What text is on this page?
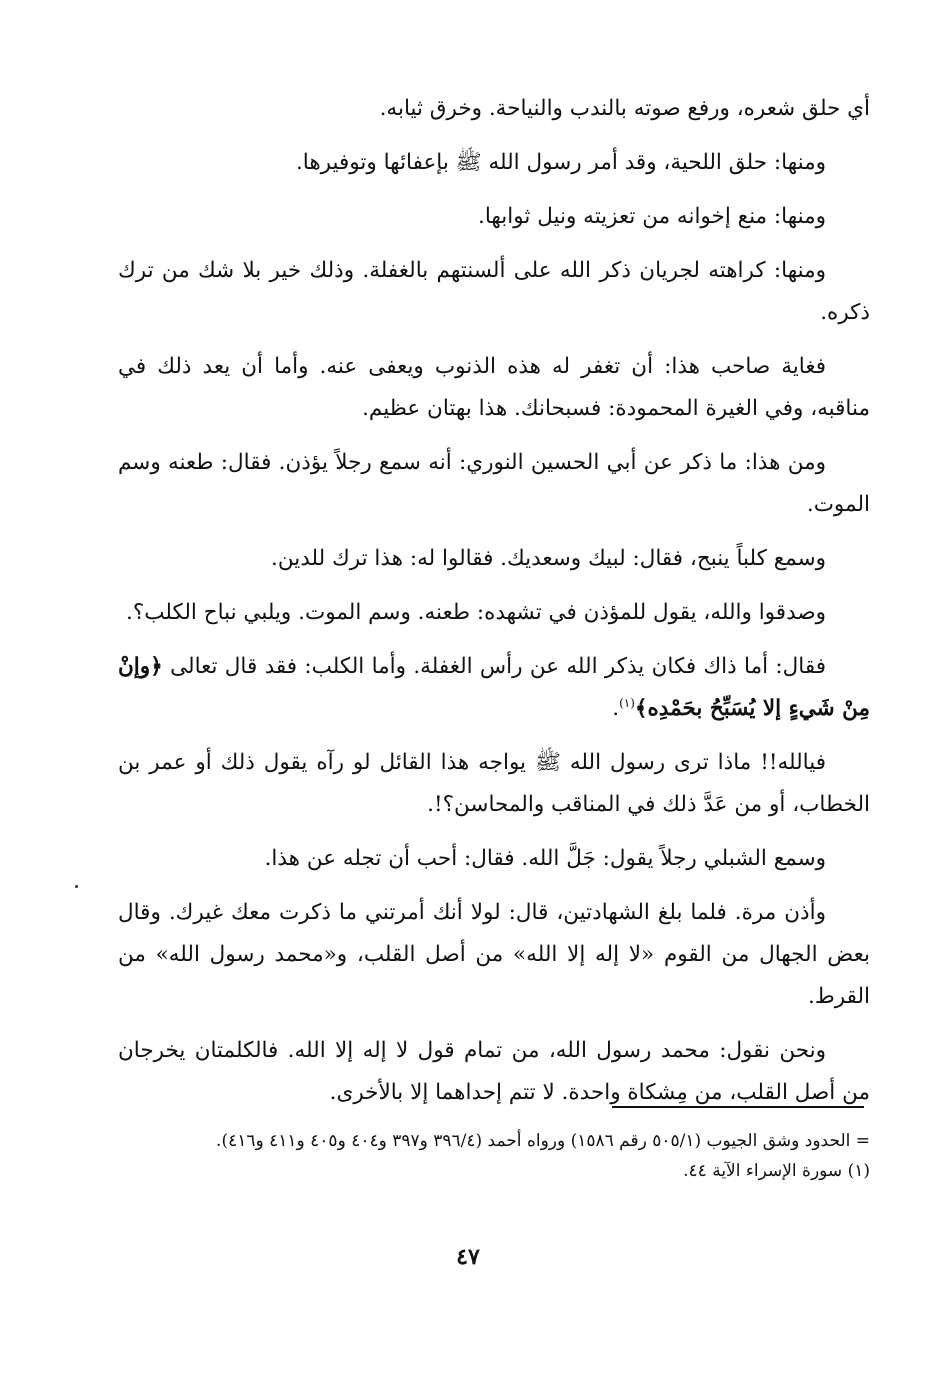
أي حلق شعره، ورفع صوته بالندب والنياحة. وخرق ثيابه.

ومنها: حلق اللحية، وقد أمر رسول الله ﷺ بإعفائها وتوفيرها.

ومنها: منع إخوانه من تعزيته ونيل ثوابها.

ومنها: كراهته لجريان ذكر الله على ألسنتهم بالغفلة. وذلك خير بلا شك من ترك ذكره.

فغاية صاحب هذا: أن تغفر له هذه الذنوب ويعفى عنه. وأما أن يعد ذلك في مناقبه، وفي الغيرة المحمودة: فسبحانك. هذا بهتان عظيم.

ومن هذا: ما ذكر عن أبي الحسين النوري: أنه سمع رجلاً يؤذن. فقال: طعنه وسم الموت.

وسمع كلباً ينبح، فقال: لبيك وسعديك. فقالوا له: هذا ترك للدين.

وصدقوا والله، يقول للمؤذن في تشهده: طعنه. وسم الموت. ويلبي نباح الكلب؟.

فقال: أما ذاك فكان يذكر الله عن رأس الغفلة. وأما الكلب: فقد قال تعالى ﴿وإنْ مِنْ شَيءٍ إلا يُسَبِّحُ بحَمْدِه﴾$^{(١)}$.

فيالله!! ماذا ترى رسول الله ﷺ يواجه هذا القائل لو رآه يقول ذلك أو عمر بن الخطاب، أو من عَدَّ ذلك في المناقب والمحاسن؟!.

وسمع الشبلي رجلاً يقول: جَلَّ الله. فقال: أحب أن تجله عن هذا.

وأذن مرة. فلما بلغ الشهادتين، قال: لولا أنك أمرتني ما ذكرت معك غيرك. وقال بعض الجهال من القوم «لا إله إلا الله» من أصل القلب، و«محمد رسول الله» من القرط.

ونحن نقول: محمد رسول الله، من تمام قول لا إله إلا الله. فالكلمتان يخرجان من أصل القلب، من مِشكاة واحدة. لا تتم إحداهما إلا بالأخرى.

= الحدود وشق الجيوب (٥٠٥/١ رقم ١٥٨٦) ورواه أحمد (٣٩٦/٤ و٣٩٧ و٤٠٤ و٤٠٥ و٤١١ و٤١٦).

(١) سورة الإسراء الآية ٤٤.

٤٧
